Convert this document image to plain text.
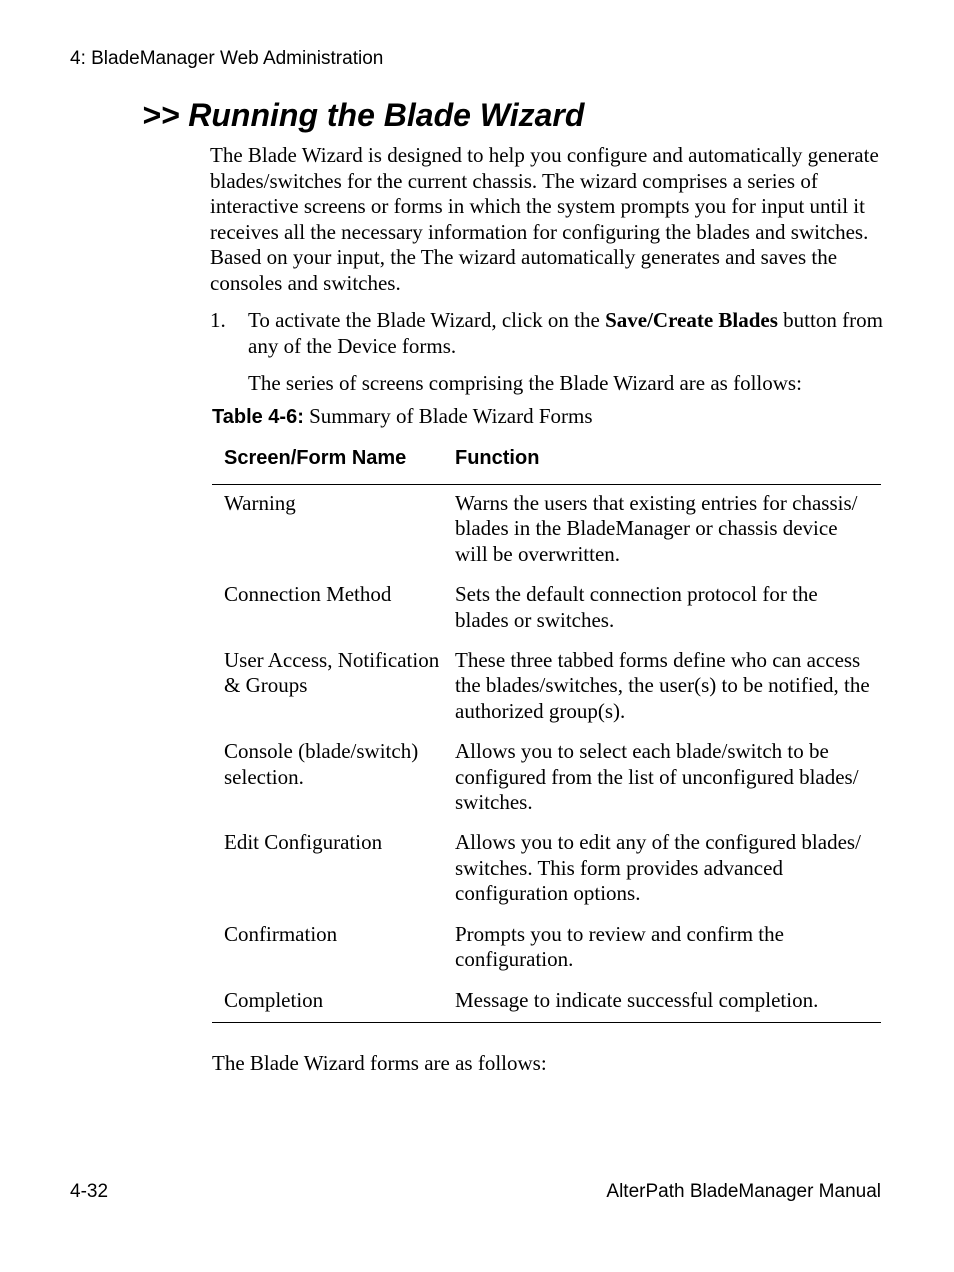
4: BladeManager Web Administration
>> Running the Blade Wizard

The Blade Wizard is designed to help you configure and automatically generate blades/switches for the current chassis. The wizard comprises a series of interactive screens or forms in which the system prompts you for input until it receives all the necessary information for configuring the blades and switches. Based on your input, the The wizard automatically generates and saves the consoles and switches.

1. To activate the Blade Wizard, click on the Save/Create Blades button from any of the Device forms.
The series of screens comprising the Blade Wizard are as follows:
Table 4-6: Summary of Blade Wizard Forms
Screen/Form Name	Function
Warning	Warns the users that existing entries for chassis/ blades in the BladeManager or chassis device will be overwritten.
Connection Method	Sets the default connection protocol for the blades or switches.
User Access, Notification & Groups	These three tabbed forms define who can access the blades/switches, the user(s) to be notified, the authorized group(s).
Console (blade/switch) selection.	Allows you to select each blade/switch to be configured from the list of unconfigured blades/ switches.
Edit Configuration	Allows you to edit any of the configured blades/ switches. This form provides advanced configuration options.
Confirmation	Prompts you to review and confirm the configuration.
Completion	Message to indicate successful completion.
The Blade Wizard forms are as follows:
4-32	AlterPath BladeManager Manual
